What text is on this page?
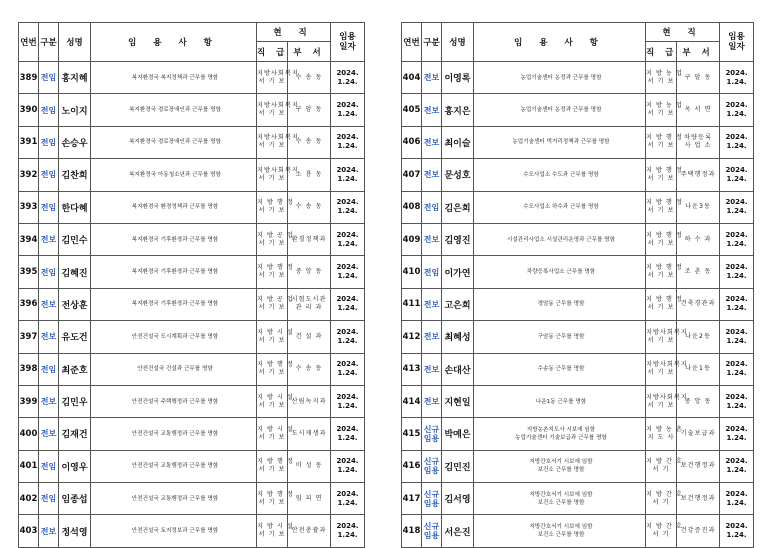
연번	구분	성명	임 용 사 항	현 직		임용
일자
				직 급	부 서	
389	전임	홍지혜	복지환경국 복지정책과 근무를 명함	지방사회복지
서 기 보	수 송 동	2024.
1.24.
390	전임	노이지	복지환경국 경로장애인과 근무를 명함	지방사회복지
서 기 보	구 암 동	2024.
1.24.
391	전임	손승우	복지환경국 경로장애인과 근무를 명함	지방사회복지
서 기 보	수 송 동	2024.
1.24.
392	전임	김찬희	복지환경국 아동청소년과 근무를 명함	지방사회복지
서 기 보	소 룡 동	2024.
1.24.
393	전임	한다혜	복지환경국 환경정책과 근무를 명함	지 방 행 정
서 기 보	수 송 동	2024.
1.24.
394	전보	김민수	복지환경국 기후환경과 근무를 명함	지 방 공 업
서 기 보	환경정책과	2024.
1.24.
395	전임	김혜진	복지환경국 기후환경과 근무를 명함	지 방 행 정
서 기 보	중 앙 동	2024.
1.24.
396	전보	전상훈	복지환경국 기후환경과 근무를 명함	지 방 공 업
서 기 보	시험도시관
관 리 과	2024.
1.24.
397	전보	유도건	안전건설국 도시계획과 근무를 명함	지 방 시 설
서 기 보	건 설 과	2024.
1.24.
398	전임	최준호	안전건설국 건설과 근무를 명함	지 방 행 정
서 기 보	수 송 동	2024.
1.24.
399	전보	김민우	안전건설국 주택행정과 근무를 명함	지 방 시 설
서 기 보	산림녹지과	2024.
1.24.
400	전보	김재건	안전건설국 교통행정과 근무를 명함	지 방 시 설
서 기 보	도시재생과	2024.
1.24.
401	전임	이영우	안전건설국 교통행정과 근무를 명함	지 방 행 정
서 기 보	미 성 동	2024.
1.24.
402	전임	임종섭	안전건설국 교통행정과 근무를 명함	지 방 행 정
서 기 보	임 피 면	2024.
1.24.
403	전보	정석영	안전건설국 토지정보과 근무를 명함	지 방 시 설
서 기 보	안전총괄과	2024.
1.24.
연번	구분	성명	임 용 사 항	현 직		임용
일자
				직 급	부 서	
404	전보	이영록	농업기술센터 농정과 근무를 명함	지 방 농 업
서 기 보	구 암 동	2024.
1.24.
405	전보	홍지은	농업기술센터 농정과 근무를 명함	지 방 농 업
서 기 보	옥 서 면	2024.
1.24.
406	전보	최이슬	농업기술센터 먹거리정책과 근무를 명함	지 방 행 정
서 기 보	차량등록
사 업 소	2024.
1.24.
407	전보	문성호	수도사업소 수도과 근무를 명함	지 방 행 정
서 기 보	주택행정과	2024.
1.24.
408	전임	김은희	수도사업소 하수과 근무를 명함	지 방 행 정
서 기 보	나운3동	2024.
1.24.
409	전보	김영진	시설관리사업소 시설관리운영과 근무를 명함	지 방 행 정
서 기 보	하 수 과	2024.
1.24.
410	전임	이가연	차량등록사업소 근무를 명함	지 방 행 정
서 기 보	조 촌 동	2024.
1.24.
411	전보	고은희	경암동 근무를 명함	지 방 행 정
서 기 보	건축경관과	2024.
1.24.
412	전보	최혜성	구암동 근무를 명함	지방사회복지
서 기 보	나운2동	2024.
1.24.
413	전보	손대산	수송동 근무를 명함	지방사회복지
서 기 보	나운1동	2024.
1.24.
414	전보	지현일	나운1동 근무를 명함	지방사회복지
서 기 보	중 앙 동	2024.
1.24.
415	신규
임용	박예은	지방농촌지도사 시보에 임함
농업기술센터 기술보급과 근무를 명함	지 방 농 촌
지 도 사	기술보급과	2024.
1.24.
416	신규
임용	김민진	지방간호서기 시보에 임함
보건소 근무를 명함	지 방 간 호
서 기	보건행정과	2024.
1.24.
417	신규
임용	김서영	지방간호서기 시보에 임함
보건소 근무를 명함	지 방 간 호
서 기	보건행정과	2024.
1.24.
418	신규
임용	서은진	지방간호서기 시보에 임함
보건소 근무를 명함	지 방 간 호
서 기	건강증진과	2024.
1.24.
